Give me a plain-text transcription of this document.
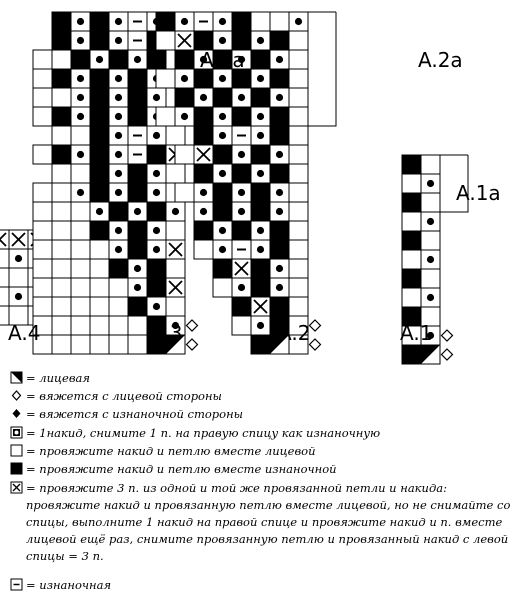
A.4	A.3
A.3a
A.2
A.2a
A.1
A.1a
= лицевая
= вяжется с лицевой стороны
= вяжется с изнаночной стороны
= 1накид, снимите 1 п. на правую спицу как изнаночную
= провяжите накид и петлю вместе лицевой
= провяжите накид и петлю вместе изнаночной
= провяжите 3 п. из одной и той же провязанной петли и накида: провяжите накид и провязанную петлю вместе лицевой, но не снимайте со спицы, выполните 1 накид на правой спице и провяжите накид и п. вместе лицевой ещё раз, снимите провязанную петлю и провязанный накид с левой спицы = 3 п.
= изнаночная
